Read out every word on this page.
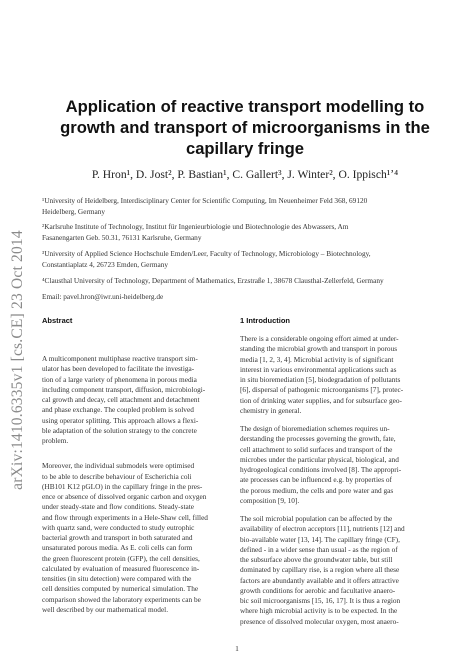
arXiv:1410.6335v1 [cs.CE] 23 Oct 2014
Application of reactive transport modelling to
growth and transport of microorganisms in the
capillary fringe
P. Hron¹, D. Jost², P. Bastian¹, C. Gallert³, J. Winter², O. Ippisch¹ʼ⁴
¹University of Heidelberg, Interdisciplinary Center for Scientific Computing, Im Neuenheimer Feld 368, 69120
Heidelberg, Germany
²Karlsruhe Institute of Technology, Institut für Ingenieurbiologie und Biotechnologie des Abwassers, Am
Fasanengarten Geb. 50.31, 76131 Karlsruhe, Germany
³University of Applied Science Hochschule Emden/Leer, Faculty of Technology, Microbiology – Biotechnology,
Constantiaplatz 4, 26723 Emden, Germany
⁴Clausthal University of Technology, Department of Mathematics, Erzstraße 1, 38678 Clausthal-Zellerfeld, Germany
Email: pavel.hron@iwr.uni-heidelberg.de
Abstract	1 Introduction
A multicomponent multiphase reactive transport sim-
ulator has been developed to facilitate the investiga-
tion of a large variety of phenomena in porous media
including component transport, diffusion, microbiologi-
cal growth and decay, cell attachment and detachment
and phase exchange. The coupled problem is solved
using operator splitting. This approach allows a flexi-
ble adaptation of the solution strategy to the concrete
problem.
Moreover, the individual submodels were optimised
to be able to describe behaviour of Escherichia coli
(HB101 K12 pGLO) in the capillary fringe in the pres-
ence or absence of dissolved organic carbon and oxygen
under steady-state and flow conditions. Steady-state
and flow through experiments in a Hele-Shaw cell, filled
with quartz sand, were conducted to study eutrophic
bacterial growth and transport in both saturated and
unsaturated porous media. As E. coli cells can form
the green fluorescent protein (GFP), the cell densities,
calculated by evaluation of measured fluorescence in-
tensities (in situ detection) were compared with the
cell densities computed by numerical simulation. The
comparison showed the laboratory experiments can be
well described by our mathematical model.
There is a considerable ongoing effort aimed at under-
standing the microbial growth and transport in porous
media [1, 2, 3, 4]. Microbial activity is of significant
interest in various environmental applications such as
in situ bioremediation [5], biodegradation of pollutants
[6], dispersal of pathogenic microorganisms [7], protec-
tion of drinking water supplies, and for subsurface geo-
chemistry in general.
The design of bioremediation schemes requires un-
derstanding the processes governing the growth, fate,
cell attachment to solid surfaces and transport of the
microbes under the particular physical, biological, and
hydrogeological conditions involved [8]. The appropri-
ate processes can be influenced e.g. by properties of
the porous medium, the cells and pore water and gas
composition [9, 10].
The soil microbial population can be affected by the
availability of electron acceptors [11], nutrients [12] and
bio-available water [13, 14]. The capillary fringe (CF),
defined - in a wider sense than usual - as the region of
the subsurface above the groundwater table, but still
dominated by capillary rise, is a region where all these
factors are abundantly available and it offers attractive
growth conditions for aerobic and facultative anaero-
bic soil microorganisms [15, 16, 17]. It is thus a region
where high microbial activity is to be expected. In the
presence of dissolved molecular oxygen, most anaero-
1
